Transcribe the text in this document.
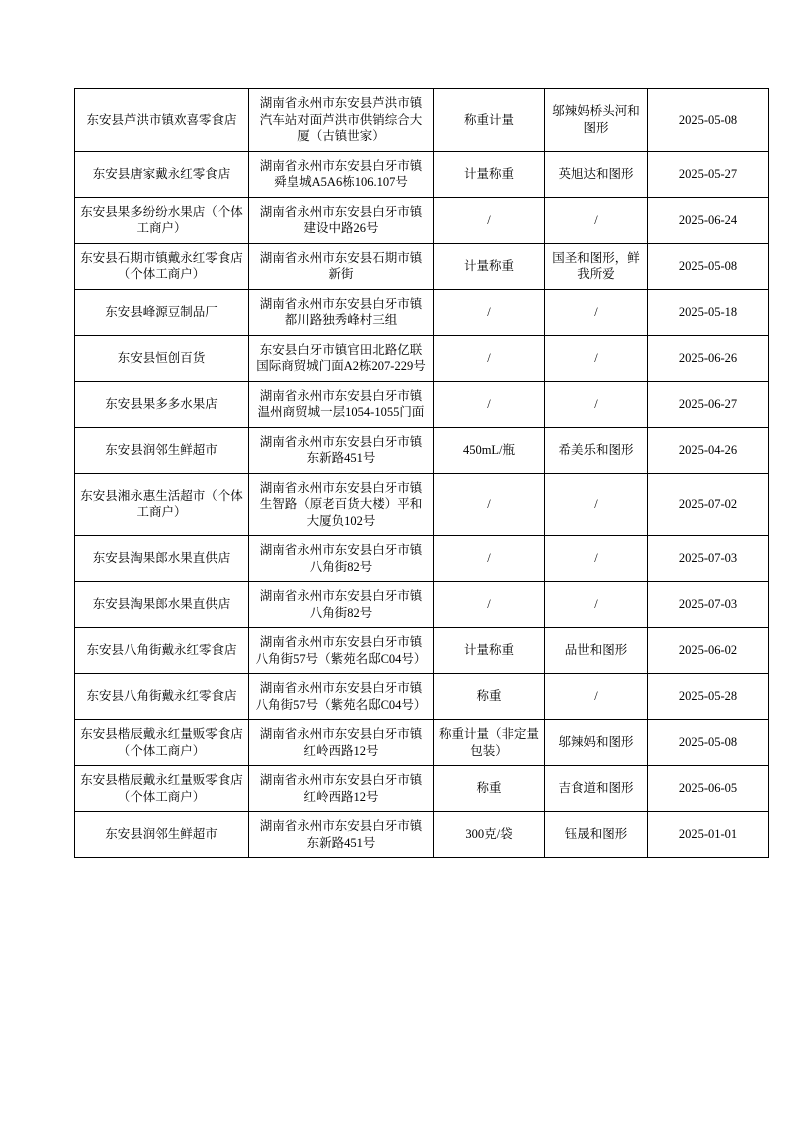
东安县芦洪市镇欢喜零食店	湖南省永州市东安县芦洪市镇汽车站对面芦洪市供销综合大厦（古镇世家）	称重计量	邬辣妈桥头河和图形	2025-05-08
东安县唐家戴永红零食店	湖南省永州市东安县白牙市镇舜皇城A5A6栋106.107号	计量称重	英旭达和图形	2025-05-27
东安县果多纷纷水果店（个体工商户）	湖南省永州市东安县白牙市镇建设中路26号	/	/	2025-06-24
东安县石期市镇戴永红零食店（个体工商户）	湖南省永州市东安县石期市镇新街	计量称重	国圣和图形，鲜我所爱	2025-05-08
东安县峰源豆制品厂	湖南省永州市东安县白牙市镇都川路独秀峰村三组	/	/	2025-05-18
东安县恒创百货	东安县白牙市镇官田北路亿联国际商贸城门面A2栋207-229号	/	/	2025-06-26
东安县果多多水果店	湖南省永州市东安县白牙市镇温州商贸城一层1054-1055门面	/	/	2025-06-27
东安县润邻生鲜超市	湖南省永州市东安县白牙市镇东新路451号	450mL/瓶	希美乐和图形	2025-04-26
东安县湘永惠生活超市（个体工商户）	湖南省永州市东安县白牙市镇生智路（原老百货大楼）平和大厦负102号	/	/	2025-07-02
东安县淘果郎水果直供店	湖南省永州市东安县白牙市镇八角街82号	/	/	2025-07-03
东安县淘果郎水果直供店	湖南省永州市东安县白牙市镇八角街82号	/	/	2025-07-03
东安县八角街戴永红零食店	湖南省永州市东安县白牙市镇八角街57号（紫苑名邸C04号）	计量称重	品世和图形	2025-06-02
东安县八角街戴永红零食店	湖南省永州市东安县白牙市镇八角街57号（紫苑名邸C04号）	称重	/	2025-05-28
东安县楷辰戴永红量贩零食店（个体工商户）	湖南省永州市东安县白牙市镇红岭西路12号	称重计量（非定量包装）	邬辣妈和图形	2025-05-08
东安县楷辰戴永红量贩零食店（个体工商户）	湖南省永州市东安县白牙市镇红岭西路12号	称重	吉食道和图形	2025-06-05
东安县润邻生鲜超市	湖南省永州市东安县白牙市镇东新路451号	300克/袋	钰晟和图形	2025-01-01
